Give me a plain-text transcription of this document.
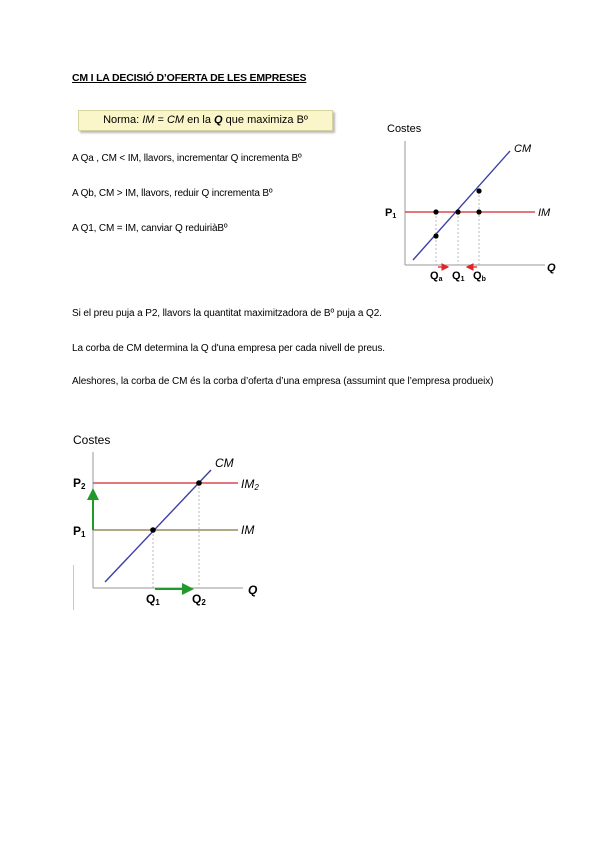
CM I LA DECISIÓ D’OFERTA DE LES EMPRESES
Norma: IM = CM en la Q que maximiza Bº
A Qa , CM < IM, llavors, incrementar Q incrementa Bº
A Qb, CM > IM, llavors, reduir Q incrementa Bº
A Q1, CM = IM, canviar Q reduiriàBº
Si el preu puja a P2, llavors la quantitat maximitzadora de Bº puja a Q2.
La corba de CM determina la Q d'una empresa per cada nivell de preus.
Aleshores, la corba de CM és la corba d’oferta d’una empresa (assumint que l’empresa produeix)
Costes
Q
IM
CM
P1
Qa Q1 Qb
Costes
Q
IM2
IM
CM
P2
P1
Q1	Q2
